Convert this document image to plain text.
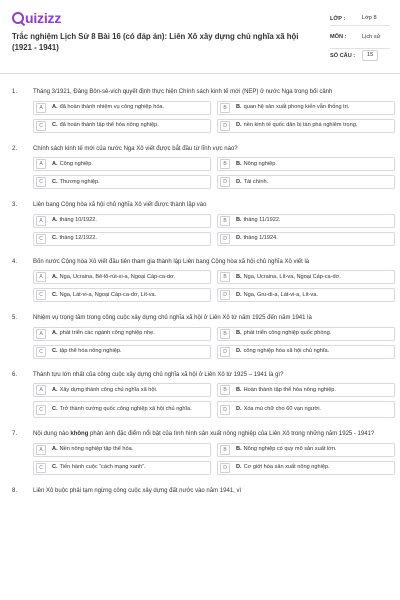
uizizz
Trắc nghiệm Lịch Sử 8 Bài 16 (có đáp án): Liên Xô xây dựng chủ nghĩa xã hội (1921 - 1941)
LỚP :	Lớp 8
MÔN :	Lịch sử
SỐ CÂU :	15
1.	Tháng 3/1921, Đảng Bôn-sê-vich quyết định thực hiện Chính sách kinh tế mới (NEP) ở nước Nga trong bối cảnh
A	A. đã hoàn thành nhiệm vụ công nghiệp hóa.	B	B. quan hệ sản xuất phong kiến vẫn thống trị.
C	C. đã hoàn thành tập thể hóa nông nghiệp.	D	D. nền kinh tế quốc dân bị tàn phá nghiêm trọng.
2.	Chính sách kinh tế mới của nước Nga Xô viết được bắt đầu từ lĩnh vực nào?
A	A. Công nghiệp.	B	B. Nông nghiệp.
C	C. Thương nghiệp.	D	D. Tài chính.
3.	Liên bang Cộng hòa xã hội chủ nghĩa Xô viết được thành lập vào
A	A. tháng 10/1922.	B	B. tháng 11/1922.
C	C. tháng 12/1922.	D	D. tháng 1/1924.
4.	Bốn nước Cộng hòa Xô viết đầu tiên tham gia thành lập Liên bang Cộng hòa xã hội chủ nghĩa Xô viết là
A	A. Nga, Ucraina, Bê-lô-rút-xi-a, Ngoại Cáp-ca-dơ.	B	B. Nga, Ucraina, Lít-va, Ngoại Cáp-ca-dơ.
C	C. Nga, Lát-vi-a, Ngoại Cáp-ca-dơ, Lít-va.	D	D. Nga, Gru-di-a, Lát-vi-a, Lít-va.
5.	Nhiệm vụ trọng tâm trong công cuộc xây dựng chủ nghĩa xã hội ở Liên Xô từ năm 1925 đến năm 1941 là
A	A. phát triển các ngành công nghiệp nhẹ.	B	B. phát triển công nghiệp quốc phòng.
C	C. tập thể hóa nông nghiệp.	D	D. công nghiệp hóa xã hội chủ nghĩa.
6.	Thành tựu lớn nhất của công cuộc xây dựng chủ nghĩa xã hội ở Liên Xô từ 1925 – 1941 là gì?
A	A. Xây dựng thành công chủ nghĩa xã hội.	B	B. Hoàn thành tập thể hóa nông nghiệp.
C	C. Trở thành cường quốc công nghiệp xã hội chủ nghĩa.	D	D. Xóa mù chữ cho 60 vạn người.
7.	Nội dung nào không phản ánh đặc điểm nổi bật của tình hình sản xuất nông nghiệp của Liên Xô trong những năm 1925 - 1941?
A	A. Nền nông nghiệp tập thể hóa.	B	B. Nông nghiệp có quy mô sản xuất lớn.
C	C. Tiến hành cuộc “cách mạng xanh”.	D	D. Cơ giới hóa sản xuất nông nghiệp.
8.	Liên Xô buộc phải tạm ngừng công cuộc xây dựng đất nước vào năm 1941, vì
